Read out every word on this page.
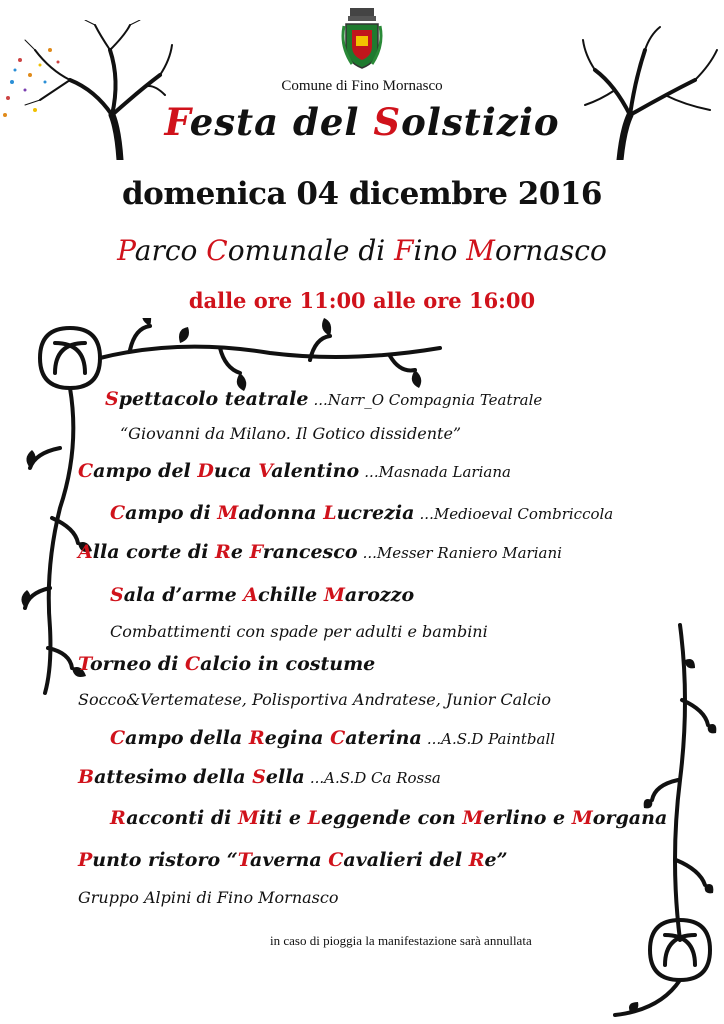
Comune di Fino Mornasco
Festa del Solstizio
domenica 04 dicembre 2016
Parco Comunale di Fino Mornasco
dalle ore 11:00 alle ore 16:00
Spettacolo teatrale ...Narr_O Compagnia Teatrale
“Giovanni da Milano. Il Gotico dissidente”
Campo del Duca Valentino ...Masnada Lariana
Campo di Madonna Lucrezia ...Medioeval Combriccola
Alla corte di Re Francesco ...Messer Raniero Mariani
Sala d’arme Achille Marozzo
Combattimenti con spade per adulti e bambini
Torneo di Calcio in costume
Socco&Vertematese, Polisportiva Andratese, Junior Calcio
Campo della Regina Caterina ...A.S.D Paintball
Battesimo della Sella ...A.S.D Ca Rossa
Racconti di Miti e Leggende con Merlino e Morgana
Punto ristoro “Taverna Cavalieri del Re”
Gruppo Alpini di Fino Mornasco
in caso di pioggia la manifestazione sarà annullata
